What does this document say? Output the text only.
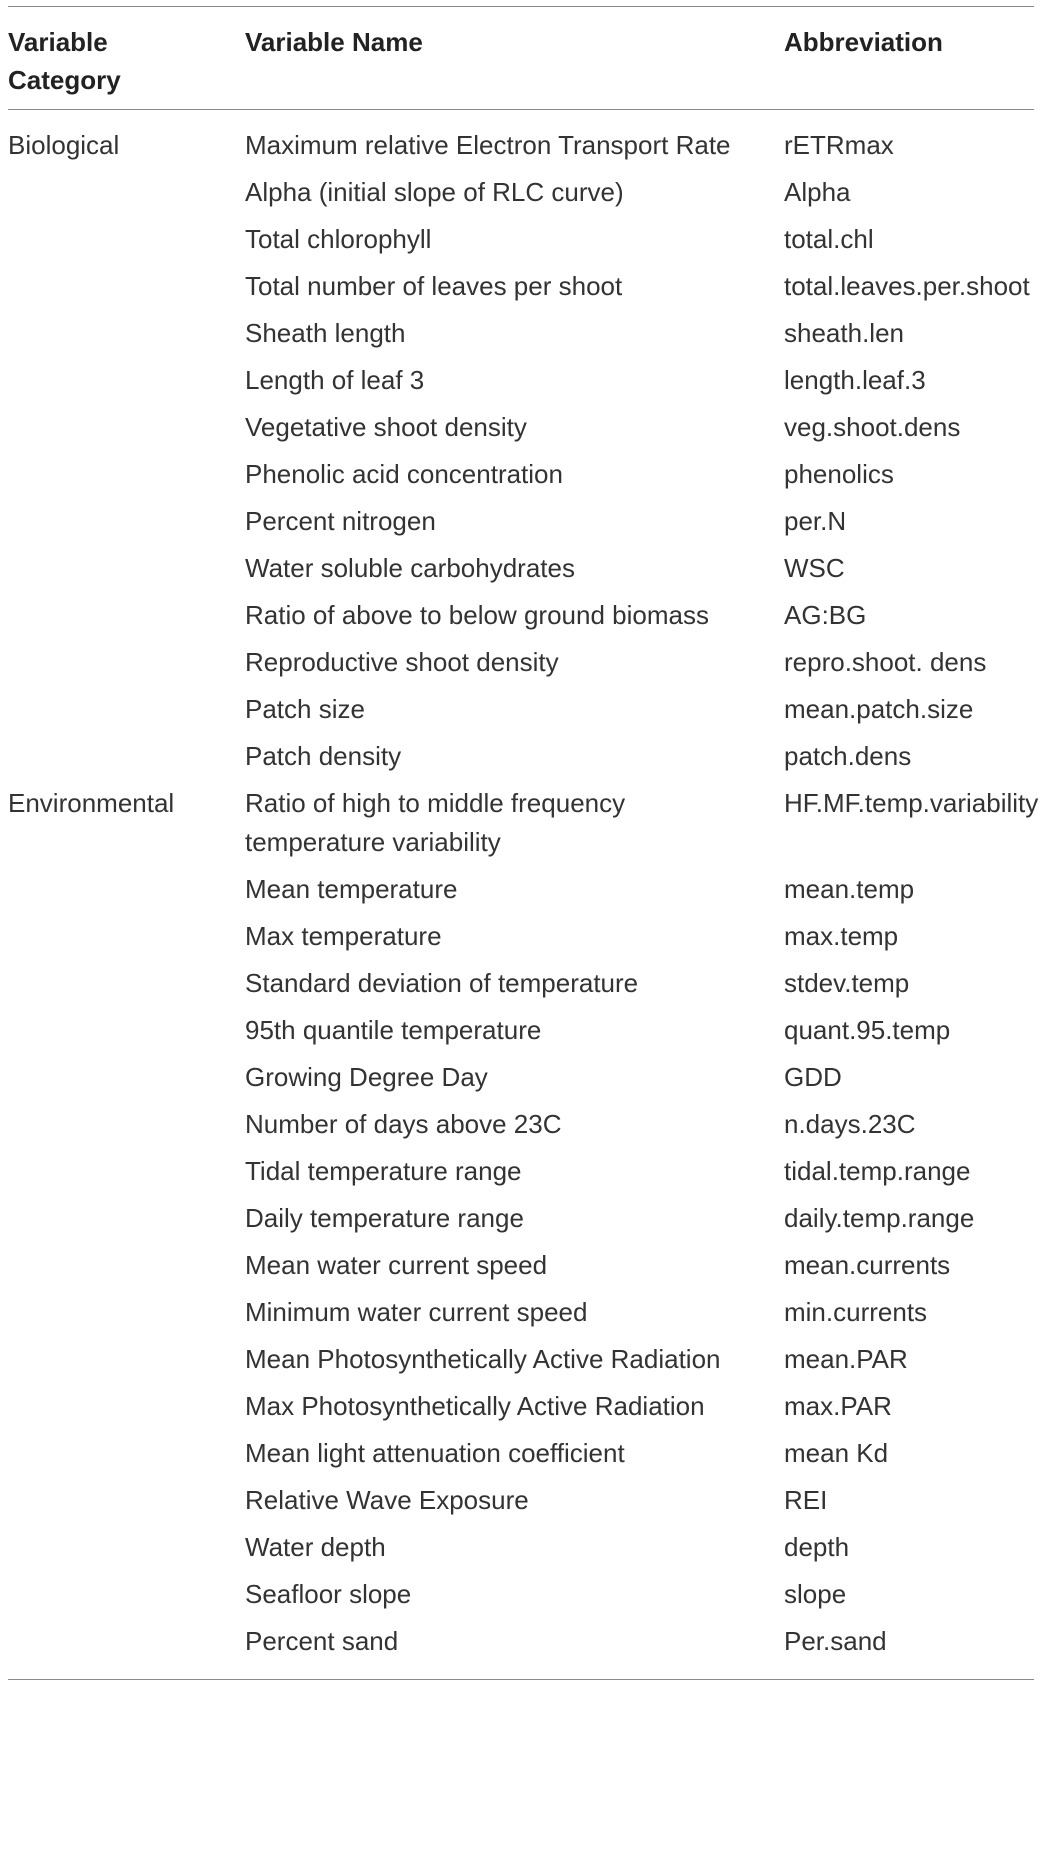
Variable Category	Variable Name	Abbreviation
Biological	Maximum relative Electron Transport Rate	rETRmax
	Alpha (initial slope of RLC curve)	Alpha
	Total chlorophyll	total.chl
	Total number of leaves per shoot	total.leaves.per.shoot
	Sheath length	sheath.len
	Length of leaf 3	length.leaf.3
	Vegetative shoot density	veg.shoot.dens
	Phenolic acid concentration	phenolics
	Percent nitrogen	per.N
	Water soluble carbohydrates	WSC
	Ratio of above to below ground biomass	AG:BG
	Reproductive shoot density	repro.shoot. dens
	Patch size	mean.patch.size
	Patch density	patch.dens
Environmental	Ratio of high to middle frequency temperature variability	HF.MF.temp.variability
	Mean temperature	mean.temp
	Max temperature	max.temp
	Standard deviation of temperature	stdev.temp
	95th quantile temperature	quant.95.temp
	Growing Degree Day	GDD
	Number of days above 23C	n.days.23C
	Tidal temperature range	tidal.temp.range
	Daily temperature range	daily.temp.range
	Mean water current speed	mean.currents
	Minimum water current speed	min.currents
	Mean Photosynthetically Active Radiation	mean.PAR
	Max Photosynthetically Active Radiation	max.PAR
	Mean light attenuation coefficient	mean Kd
	Relative Wave Exposure	REI
	Water depth	depth
	Seafloor slope	slope
	Percent sand	Per.sand
